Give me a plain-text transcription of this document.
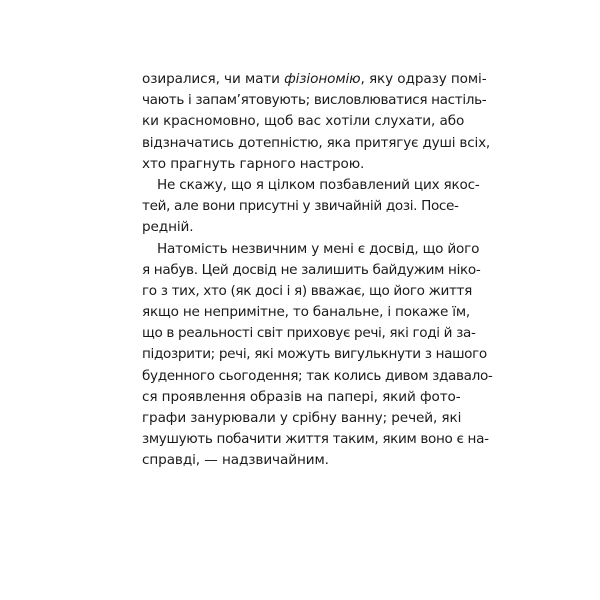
озиралися, чи мати фізіономію, яку одразу помі-
чають і запам’ятовують; висловлюватися настіль-
ки красномовно, щоб вас хотіли слухати, або
відзначатись дотепністю, яка притягує душі всіх,
хто прагнуть гарного настрою.
Не скажу, що я цілком позбавлений цих якос-
тей, але вони присутні у звичайній дозі. Посе-
редній.
Натомість незвичним у мені є досвід, що його
я набув. Цей досвід не залишить байдужим ніко-
го з тих, хто (як досі і я) вважає, що його життя
якщо не непримітне, то банальне, і покаже їм,
що в реальності світ приховує речі, які годі й за-
підозрити; речі, які можуть вигулькнути з нашого
буденного сьогодення; так колись дивом здавало-
ся проявлення образів на папері, який фото-
графи занурювали у срібну ванну; речей, які
змушують побачити життя таким, яким воно є на-
справді, — надзвичайним.
